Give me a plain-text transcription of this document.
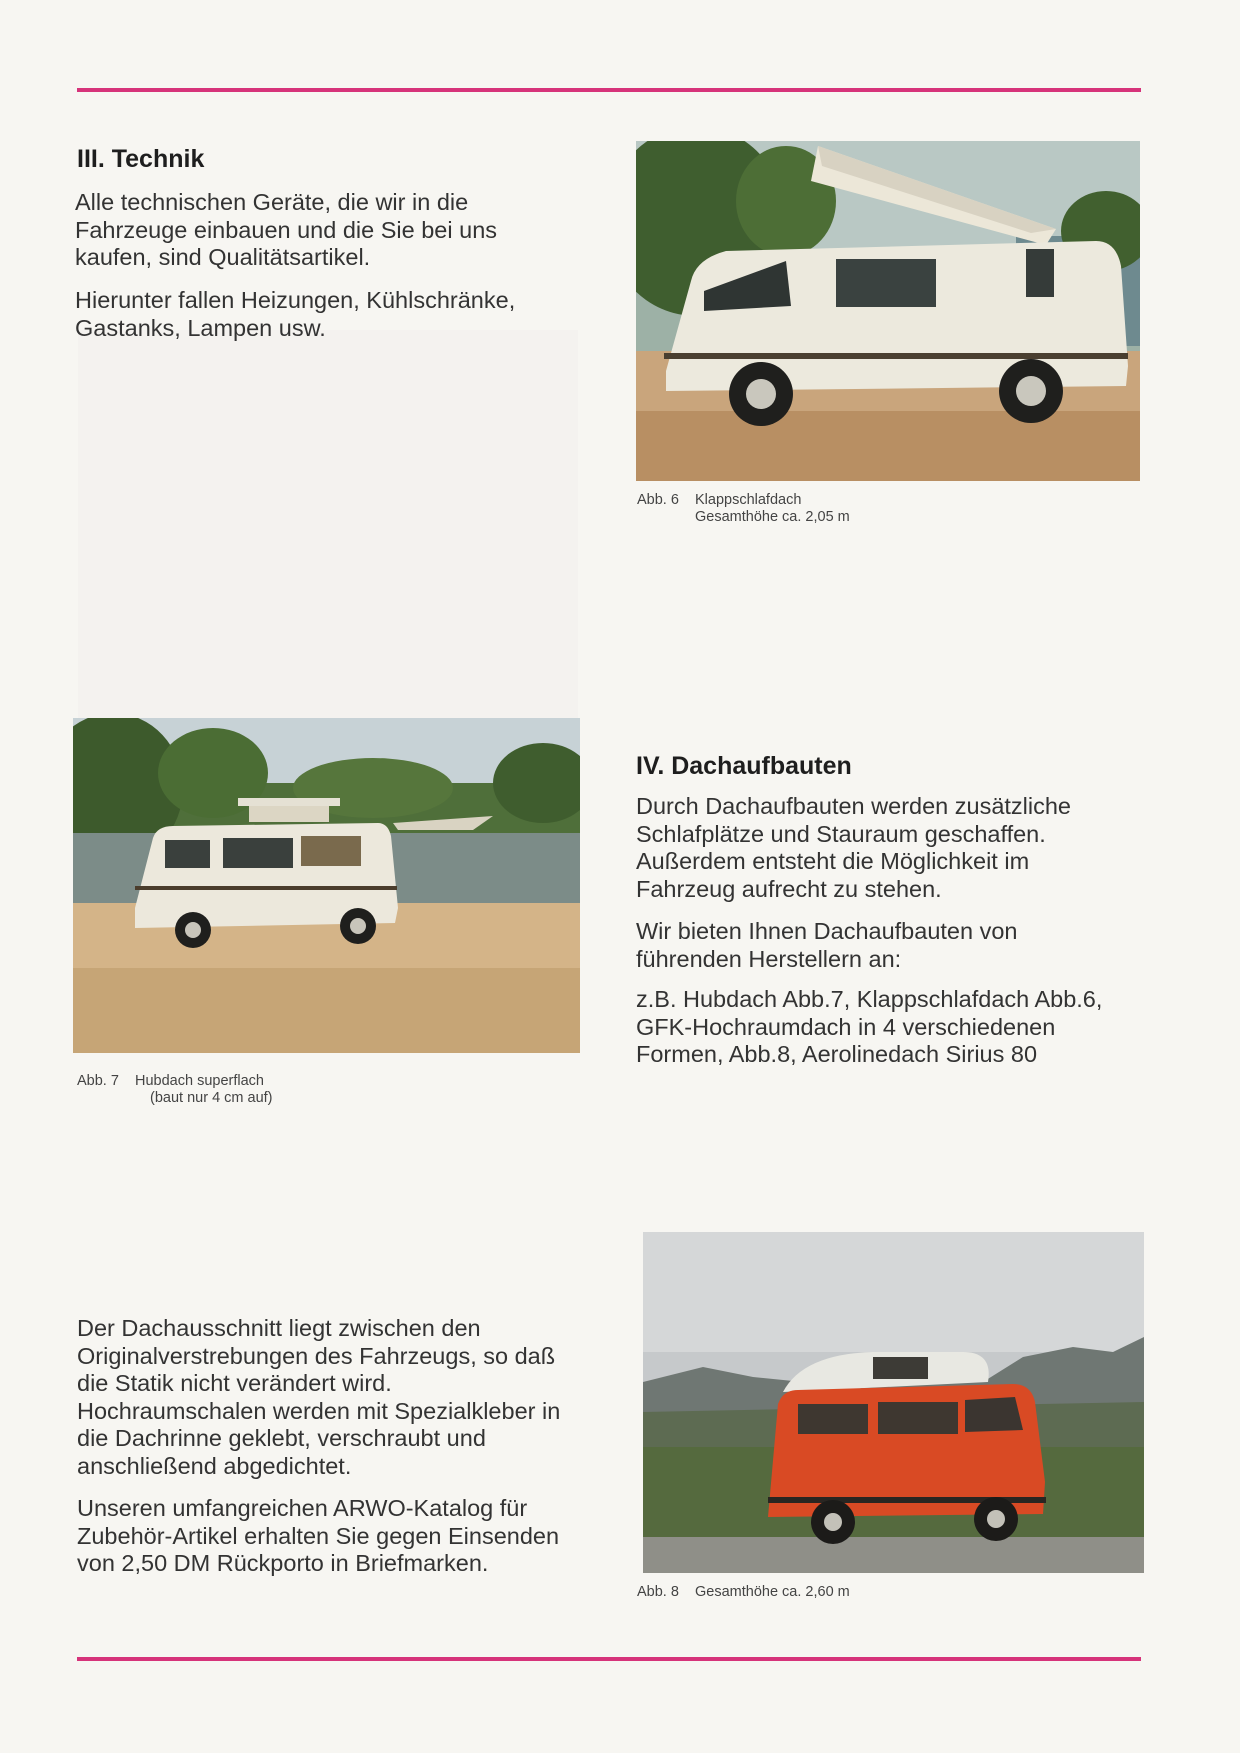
III. Technik

Alle technischen Geräte, die wir in die Fahrzeuge einbauen und die Sie bei uns kaufen, sind Qualitätsartikel.

Hierunter fallen Heizungen, Kühlschränke, Gastanks, Lampen usw.

Abb. 6 Klappschlafdach
Gesamthöhe ca. 2,05 m
Abb. 7 Hubdach superflach
(baut nur 4 cm auf)
IV. Dachaufbauten

Durch Dachaufbauten werden zusätzliche Schlafplätze und Stauraum geschaffen. Außerdem entsteht die Möglichkeit im Fahrzeug aufrecht zu stehen.

Wir bieten Ihnen Dachaufbauten von führenden Herstellern an:

z.B. Hubdach Abb.7, Klappschlafdach Abb.6, GFK-Hochraumdach in 4 verschiedenen Formen, Abb.8, Aerolinedach Sirius 80

Der Dachausschnitt liegt zwischen den Originalverstrebungen des Fahrzeugs, so daß die Statik nicht verändert wird. Hochraumschalen werden mit Spezialkleber in die Dachrinne geklebt, verschraubt und anschließend abgedichtet.

Unseren umfangreichen ARWO-Katalog für Zubehör-Artikel erhalten Sie gegen Einsenden von 2,50 DM Rückporto in Briefmarken.

Abb. 8 Gesamthöhe ca. 2,60 m
